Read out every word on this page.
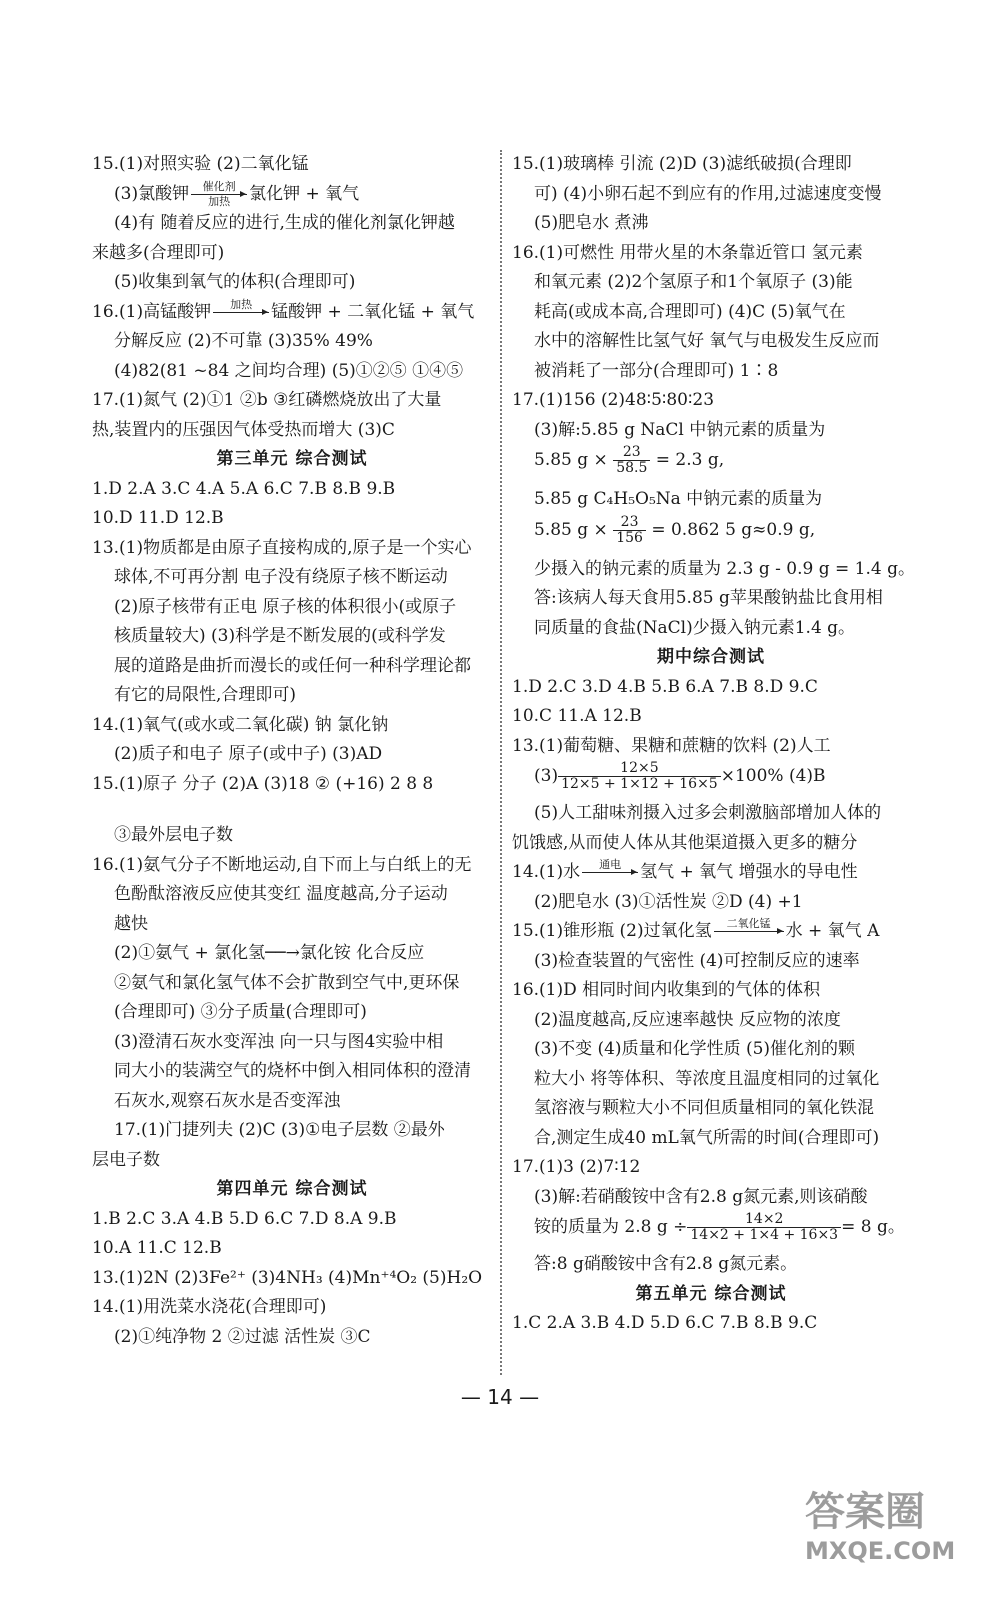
15.(1)对照实验 (2)二氧化锰
(3)氯酸钾	催化剂
加热	氯化钾 + 氧气
(4)有 随着反应的进行,生成的催化剂氯化钾越
来越多(合理即可)
(5)收集到氧气的体积(合理即可)
16.(1)高锰酸钾	加热	锰酸钾 + 二氧化锰 + 氧气
分解反应 (2)不可靠 (3)35% 49%
(4)82(81 ~84 之间均合理) (5)①②⑤ ①④⑤
17.(1)氮气 (2)①1 ②b ③红磷燃烧放出了大量
热,装置内的压强因气体受热而增大 (3)C
第三单元 综合测试
1.D 2.A 3.C 4.A 5.A 6.C 7.B 8.B 9.B
10.D 11.D 12.B
13.(1)物质都是由原子直接构成的,原子是一个实心
球体,不可再分割 电子没有绕原子核不断运动
(2)原子核带有正电 原子核的体积很小(或原子
核质量较大) (3)科学是不断发展的(或科学发
展的道路是曲折而漫长的或任何一种科学理论都
有它的局限性,合理即可)
14.(1)氧气(或水或二氧化碳) 钠 氯化钠
(2)质子和电子 原子(或中子) (3)AD
15.(1)原子 分子 (2)A (3)18 ② (+16) 2 8 8
③最外层电子数
16.(1)氨气分子不断地运动,自下而上与白纸上的无
色酚酞溶液反应使其变红 温度越高,分子运动
越快
(2)①氨气 + 氯化氢──→氯化铵 化合反应
②氨气和氯化氢气体不会扩散到空气中,更环保
(合理即可) ③分子质量(合理即可)
(3)澄清石灰水变浑浊 向一只与图4实验中相
同大小的装满空气的烧杯中倒入相同体积的澄清
石灰水,观察石灰水是否变浑浊
17.(1)门捷列夫 (2)C (3)①电子层数 ②最外
层电子数
第四单元 综合测试
1.B 2.C 3.A 4.B 5.D 6.C 7.D 8.A 9.B
10.A 11.C 12.B
13.(1)2N (2)3Fe²⁺ (3)4NH₃ (4)Mn⁺⁴O₂ (5)H₂O
14.(1)用洗菜水浇花(合理即可)
(2)①纯净物 2 ②过滤 活性炭 ③C
15.(1)玻璃棒 引流 (2)D (3)滤纸破损(合理即
可) (4)小卵石起不到应有的作用,过滤速度变慢
(5)肥皂水 煮沸
16.(1)可燃性 用带火星的木条靠近管口 氢元素
和氧元素 (2)2个氢原子和1个氧原子 (3)能
耗高(或成本高,合理即可) (4)C (5)氧气在
水中的溶解性比氢气好 氧气与电极发生反应而
被消耗了一部分(合理即可) 1∶8
17.(1)156 (2)48∶5∶80∶23
(3)解:5.85 g NaCl 中钠元素的质量为
5.85 $g \times \frac{23}{58.5} = 2.3$ g,
5.85 g C₄H₅O₅Na 中钠元素的质量为
5.85 $g \times \frac{23}{156} = 0.862$ 5 g≈0.9 g,
少摄入的钠元素的质量为 2.3 g - 0.9 g = 1.4 g。
答:该病人每天食用5.85 g苹果酸钠盐比食用相
同质量的食盐(NaCl)少摄入钠元素1.4 g。
期中综合测试
1.D 2.C 3.D 4.B 5.B 6.A 7.B 8.D 9.C
10.C 11.A 12.B
13.(1)葡萄糖、果糖和蔗糖的饮料 (2)人工
$(3) \frac{12\times 5}{12\times 5 + 1\times 12 + 16\times 5} \times 100\%$ (4)B
(5)人工甜味剂摄入过多会刺激脑部增加人体的
饥饿感,从而使人体从其他渠道摄入更多的糖分
14.(1)水	通电	氢气 + 氧气 增强水的导电性
(2)肥皂水 (3)①活性炭 ②D (4) +1
15.(1)锥形瓶 (2)过氧化氢	二氧化锰 水 + 氧气 A
(3)检查装置的气密性 (4)可控制反应的速率
16.(1)D 相同时间内收集到的气体的体积
(2)温度越高,反应速率越快 反应物的浓度
(3)不变 (4)质量和化学性质 (5)催化剂的颗
粒大小 将等体积、等浓度且温度相同的过氧化
氢溶液与颗粒大小不同但质量相同的氧化铁混
合,测定生成40 mL氧气所需的时间(合理即可)
17.(1)3 (2)7∶12
(3)解:若硝酸铵中含有2.8 g氮元素,则该硝酸
铵的质量为 2.8 $g \div \frac{14\times 2}{14\times 2 + 1\times 4 + 16\times 3} = 8$ g。
答:8 g硝酸铵中含有2.8 g氮元素。
第五单元 综合测试
1.C 2.A 3.B 4.D 5.D 6.C 7.B 8.B 9.C
— 14 —
答案圈
MXQE.COM
